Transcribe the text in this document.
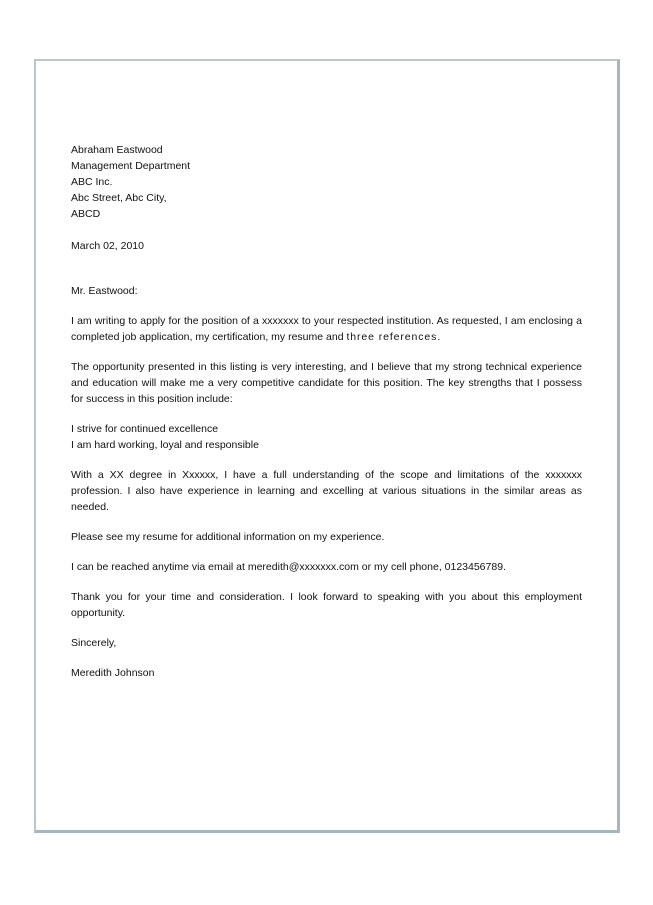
Abraham Eastwood
Management Department
ABC Inc.
Abc Street, Abc City,
ABCD
March 02, 2010
Mr. Eastwood:

I am writing to apply for the position of a xxxxxxx to your respected institution. As requested, I am enclosing a completed job application, my certification, my resume and three references.

The opportunity presented in this listing is very interesting, and I believe that my strong technical experience and education will make me a very competitive candidate for this position. The key strengths that I possess for success in this position include:

I strive for continued excellence
I am hard working, loyal and responsible

With a XX degree in Xxxxxx, I have a full understanding of the scope and limitations of the xxxxxxx profession. I also have experience in learning and excelling at various situations in the similar areas as needed.

Please see my resume for additional information on my experience.

I can be reached anytime via email at meredith@xxxxxxx.com or my cell phone, 0123456789.

Thank you for your time and consideration. I look forward to speaking with you about this employment opportunity.

Sincerely,
Meredith Johnson
